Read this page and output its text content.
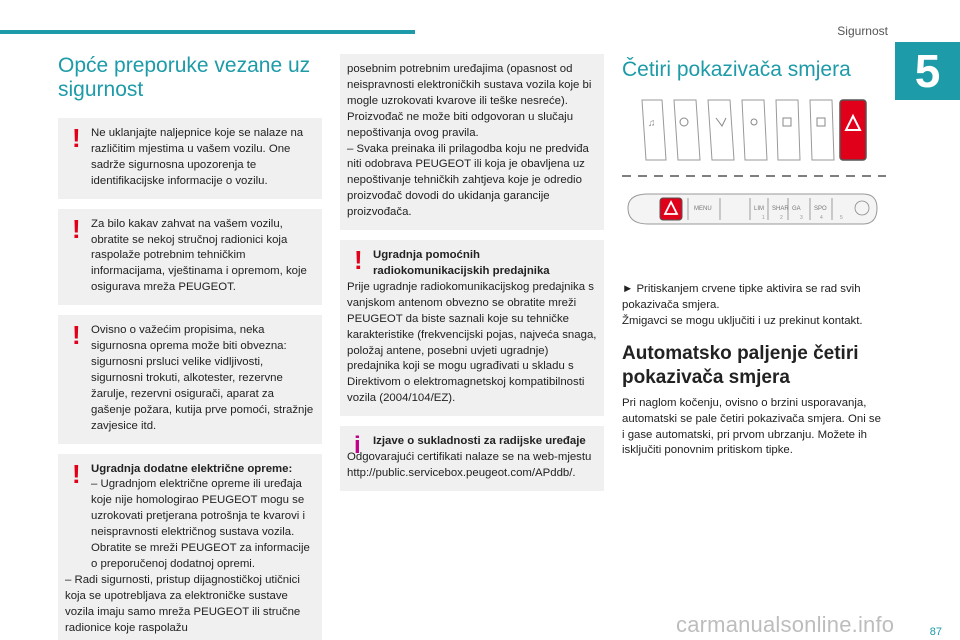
Sigurnost
5
Opće preporuke vezane uz sigurnost
! Ne uklanjajte naljepnice koje se nalaze na različitim mjestima u vašem vozilu. One sadrže sigurnosna upozorenja te identifikacijske informacije o vozilu.

! Za bilo kakav zahvat na vašem vozilu, obratite se nekoj stručnoj radionici koja raspolaže potrebnim tehničkim informacijama, vještinama i opremom, koje osigurava mreža PEUGEOT.

! Ovisno o važećim propisima, neka sigurnosna oprema može biti obvezna: sigurnosni prsluci velike vidljivosti, sigurnosni trokuti, alkotester, rezervne žarulje, rezervni osigurači, aparat za gašenje požara, kutija prve pomoći, stražnje zavjesice itd.

! Ugradnja dodatne električne opreme:

– Ugradnjom električne opreme ili uređaja koje nije homologirao PEUGEOT mogu se uzrokovati pretjerana potrošnja te kvarovi i neispravnosti električnog sustava vozila. Obratite se mreži PEUGEOT za informacije o preporučenoj dodatnoj opremi.

– Radi sigurnosti, pristup dijagnostičkoj utičnici koja se upotrebljava za elektroničke sustave vozila imaju samo mreža PEUGEOT ili stručne radionice koje raspolažu

posebnim potrebnim uređajima (opasnost od neispravnosti elektroničkih sustava vozila koje bi mogle uzrokovati kvarove ili teške nesreće). Proizvođač ne može biti odgovoran u slučaju nepoštivanja ovog pravila.

– Svaka preinaka ili prilagodba koju ne predviđa niti odobrava PEUGEOT ili koja je obavljena uz nepoštivanje tehničkih zahtjeva koje je odredio proizvođač dovodi do ukidanja garancije proizvođača.

! Ugradnja pomoćnih radiokomunikacijskih predajnika

Prije ugradnje radiokomunikacijskog predajnika s vanjskom antenom obvezno se obratite mreži PEUGEOT da biste saznali koje su tehničke karakteristike (frekvencijski pojas, najveća snaga, položaj antene, posebni uvjeti ugradnje) predajnika koji se mogu ugrađivati u skladu s Direktivom o elektromagnetskoj kompatibilnosti vozila (2004/104/EZ).

i	Izjave o sukladnosti za radijske uređaje

Odgovarajući certifikati nalaze se na web-mjestu http://public.servicebox.peugeot.com/APddb/.

Četiri pokazivača smjera
♫
MENU	LIM SHAR GA SPO
1	2	3	4	5

► Pritiskanjem crvene tipke aktivira se rad svih pokazivača smjera.

Žmigavci se mogu uključiti i uz prekinut kontakt.

Automatsko paljenje četiri pokazivača smjera

Pri naglom kočenju, ovisno o brzini usporavanja, automatski se pale četiri pokazivača smjera. Oni se i gase automatski, pri prvom ubrzanju. Možete ih isključiti ponovnim pritiskom tipke.

carmanualsonline.info	87
